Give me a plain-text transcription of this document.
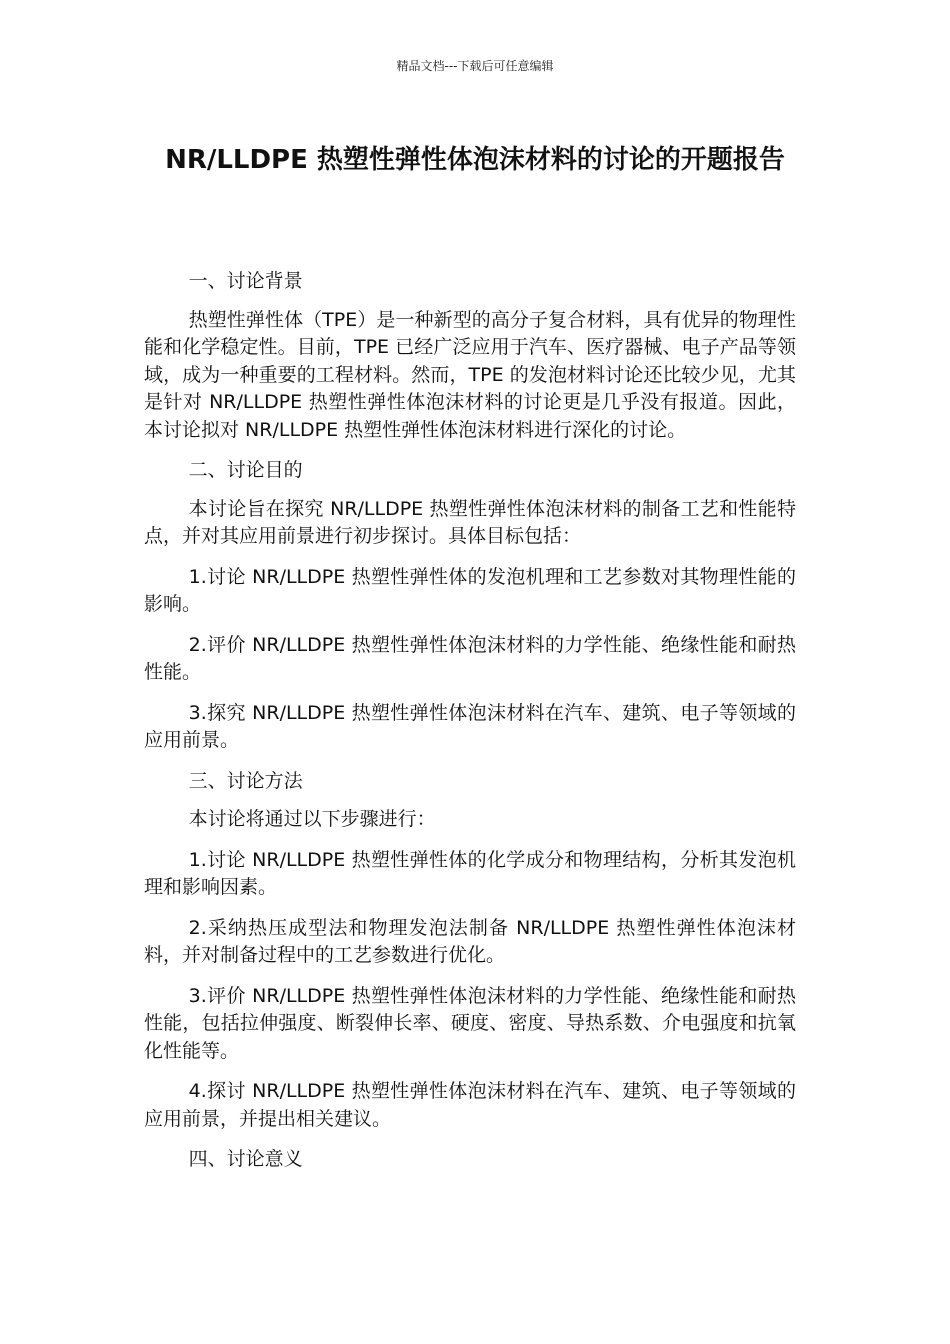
精品文档---下载后可任意编辑
NR/LLDPE 热塑性弹性体泡沫材料的讨论的开题报告

一、讨论背景

热塑性弹性体（TPE）是一种新型的高分子复合材料，具有优异的物理性能和化学稳定性。目前，TPE 已经广泛应用于汽车、医疗器械、电子产品等领域，成为一种重要的工程材料。然而，TPE 的发泡材料讨论还比较少见，尤其是针对 NR/LLDPE 热塑性弹性体泡沫材料的讨论更是几乎没有报道。因此，本讨论拟对 NR/LLDPE 热塑性弹性体泡沫材料进行深化的讨论。

二、讨论目的

本讨论旨在探究 NR/LLDPE 热塑性弹性体泡沫材料的制备工艺和性能特点，并对其应用前景进行初步探讨。具体目标包括：

1.讨论 NR/LLDPE 热塑性弹性体的发泡机理和工艺参数对其物理性能的影响。

2.评价 NR/LLDPE 热塑性弹性体泡沫材料的力学性能、绝缘性能和耐热性能。

3.探究 NR/LLDPE 热塑性弹性体泡沫材料在汽车、建筑、电子等领域的应用前景。

三、讨论方法

本讨论将通过以下步骤进行：

1.讨论 NR/LLDPE 热塑性弹性体的化学成分和物理结构，分析其发泡机理和影响因素。

2.采纳热压成型法和物理发泡法制备 NR/LLDPE 热塑性弹性体泡沫材料，并对制备过程中的工艺参数进行优化。

3.评价 NR/LLDPE 热塑性弹性体泡沫材料的力学性能、绝缘性能和耐热性能，包括拉伸强度、断裂伸长率、硬度、密度、导热系数、介电强度和抗氧化性能等。

4.探讨 NR/LLDPE 热塑性弹性体泡沫材料在汽车、建筑、电子等领域的应用前景，并提出相关建议。

四、讨论意义
